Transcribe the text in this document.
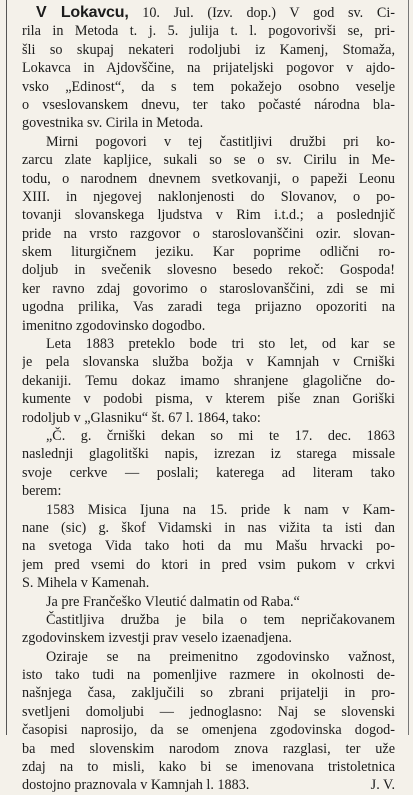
V Lokavcu, 10. Jul. (Izv. dop.) V god sv. Ci-
rila in Metoda t. j. 5. julija t. l. pogovorivši se, pri-
šli so skupaj nekateri rodoljubi iz Kamenj, Stomaža,
Lokavca in Ajdovščine, na prijateljski pogovor v ajdo-
vsko „Edinost“, da s tem pokažejo osobno veselje
o vseslovanskem dnevu, ter tako počasté národna bla-
govestnika sv. Cirila in Metoda.
Mirni pogovori v tej častitljivi družbi pri ko-
zarcu zlate kapljice, sukali so se o sv. Cirilu in Me-
todu, o narodnem dnevnem svetkovanji, o papeži Leonu
XIII. in njegovej naklonjenosti do Slovanov, o po-
tovanji slovanskega ljudstva v Rim i.t.d.; a poslednjič
pride na vrsto razgovor o staroslovanščini ozir. slovan-
skem liturgičnem jeziku. Kar poprime odlični ro-
doljub in svečenik slovesno besedo rekoč: Gospoda!
ker ravno zdaj govorimo o staroslovanščini, zdi se mi
ugodna prilika, Vas zaradi tega prijazno opozoriti na
imenitno zgodovinsko dogodbo.
Leta 1883 preteklo bode tri sto let, od kar se
je pela slovanska služba božja v Kamnjah v Crniški
dekaniji. Temu dokaz imamo shranjene glagolične do-
kumente v podobi pisma, v kterem piše znan Goriški
rodoljub v „Glasniku“ št. 67 l. 1864, tako:
„Č. g. črniški dekan so mi te 17. dec. 1863
naslednji glagolitški napis, izrezan iz starega missale
svoje cerkve — poslali; katerega ad literam tako
berem:
1583 Misica Ijuna na 15. pride k nam v Kam-
nane (sic) g. škof Vidamski in nas vižita ta isti dan
na svetoga Vida tako hoti da mu Mašu hrvacki po-
jem pred vsemi do ktori in pred vsim pukom v crkvi
S. Mihela v Kamenah.
Ja pre Frančeško Vleutić dalmatin od Raba.“
Častitljiva družba je bila o tem nepričakovanem
zgodovinskem izvestji prav veselo izaenadjena.
Oziraje se na preimenitno zgodovinsko važnost,
isto tako tudi na pomenljive razmere in okolnosti de-
našnjega časa, zaključili so zbrani prijatelji in pro-
svetljeni domoljubi — jednoglasno: Naj se slovenski
časopisi naprosijo, da se omenjena zgodovinska dogod-
ba med slovenskim narodom znova razglasi, ter uže
zdaj na to misli, kako bi se imenovana tristoletnica
dostojno praznovala v Kamnjah l. 1883.	J. V.
